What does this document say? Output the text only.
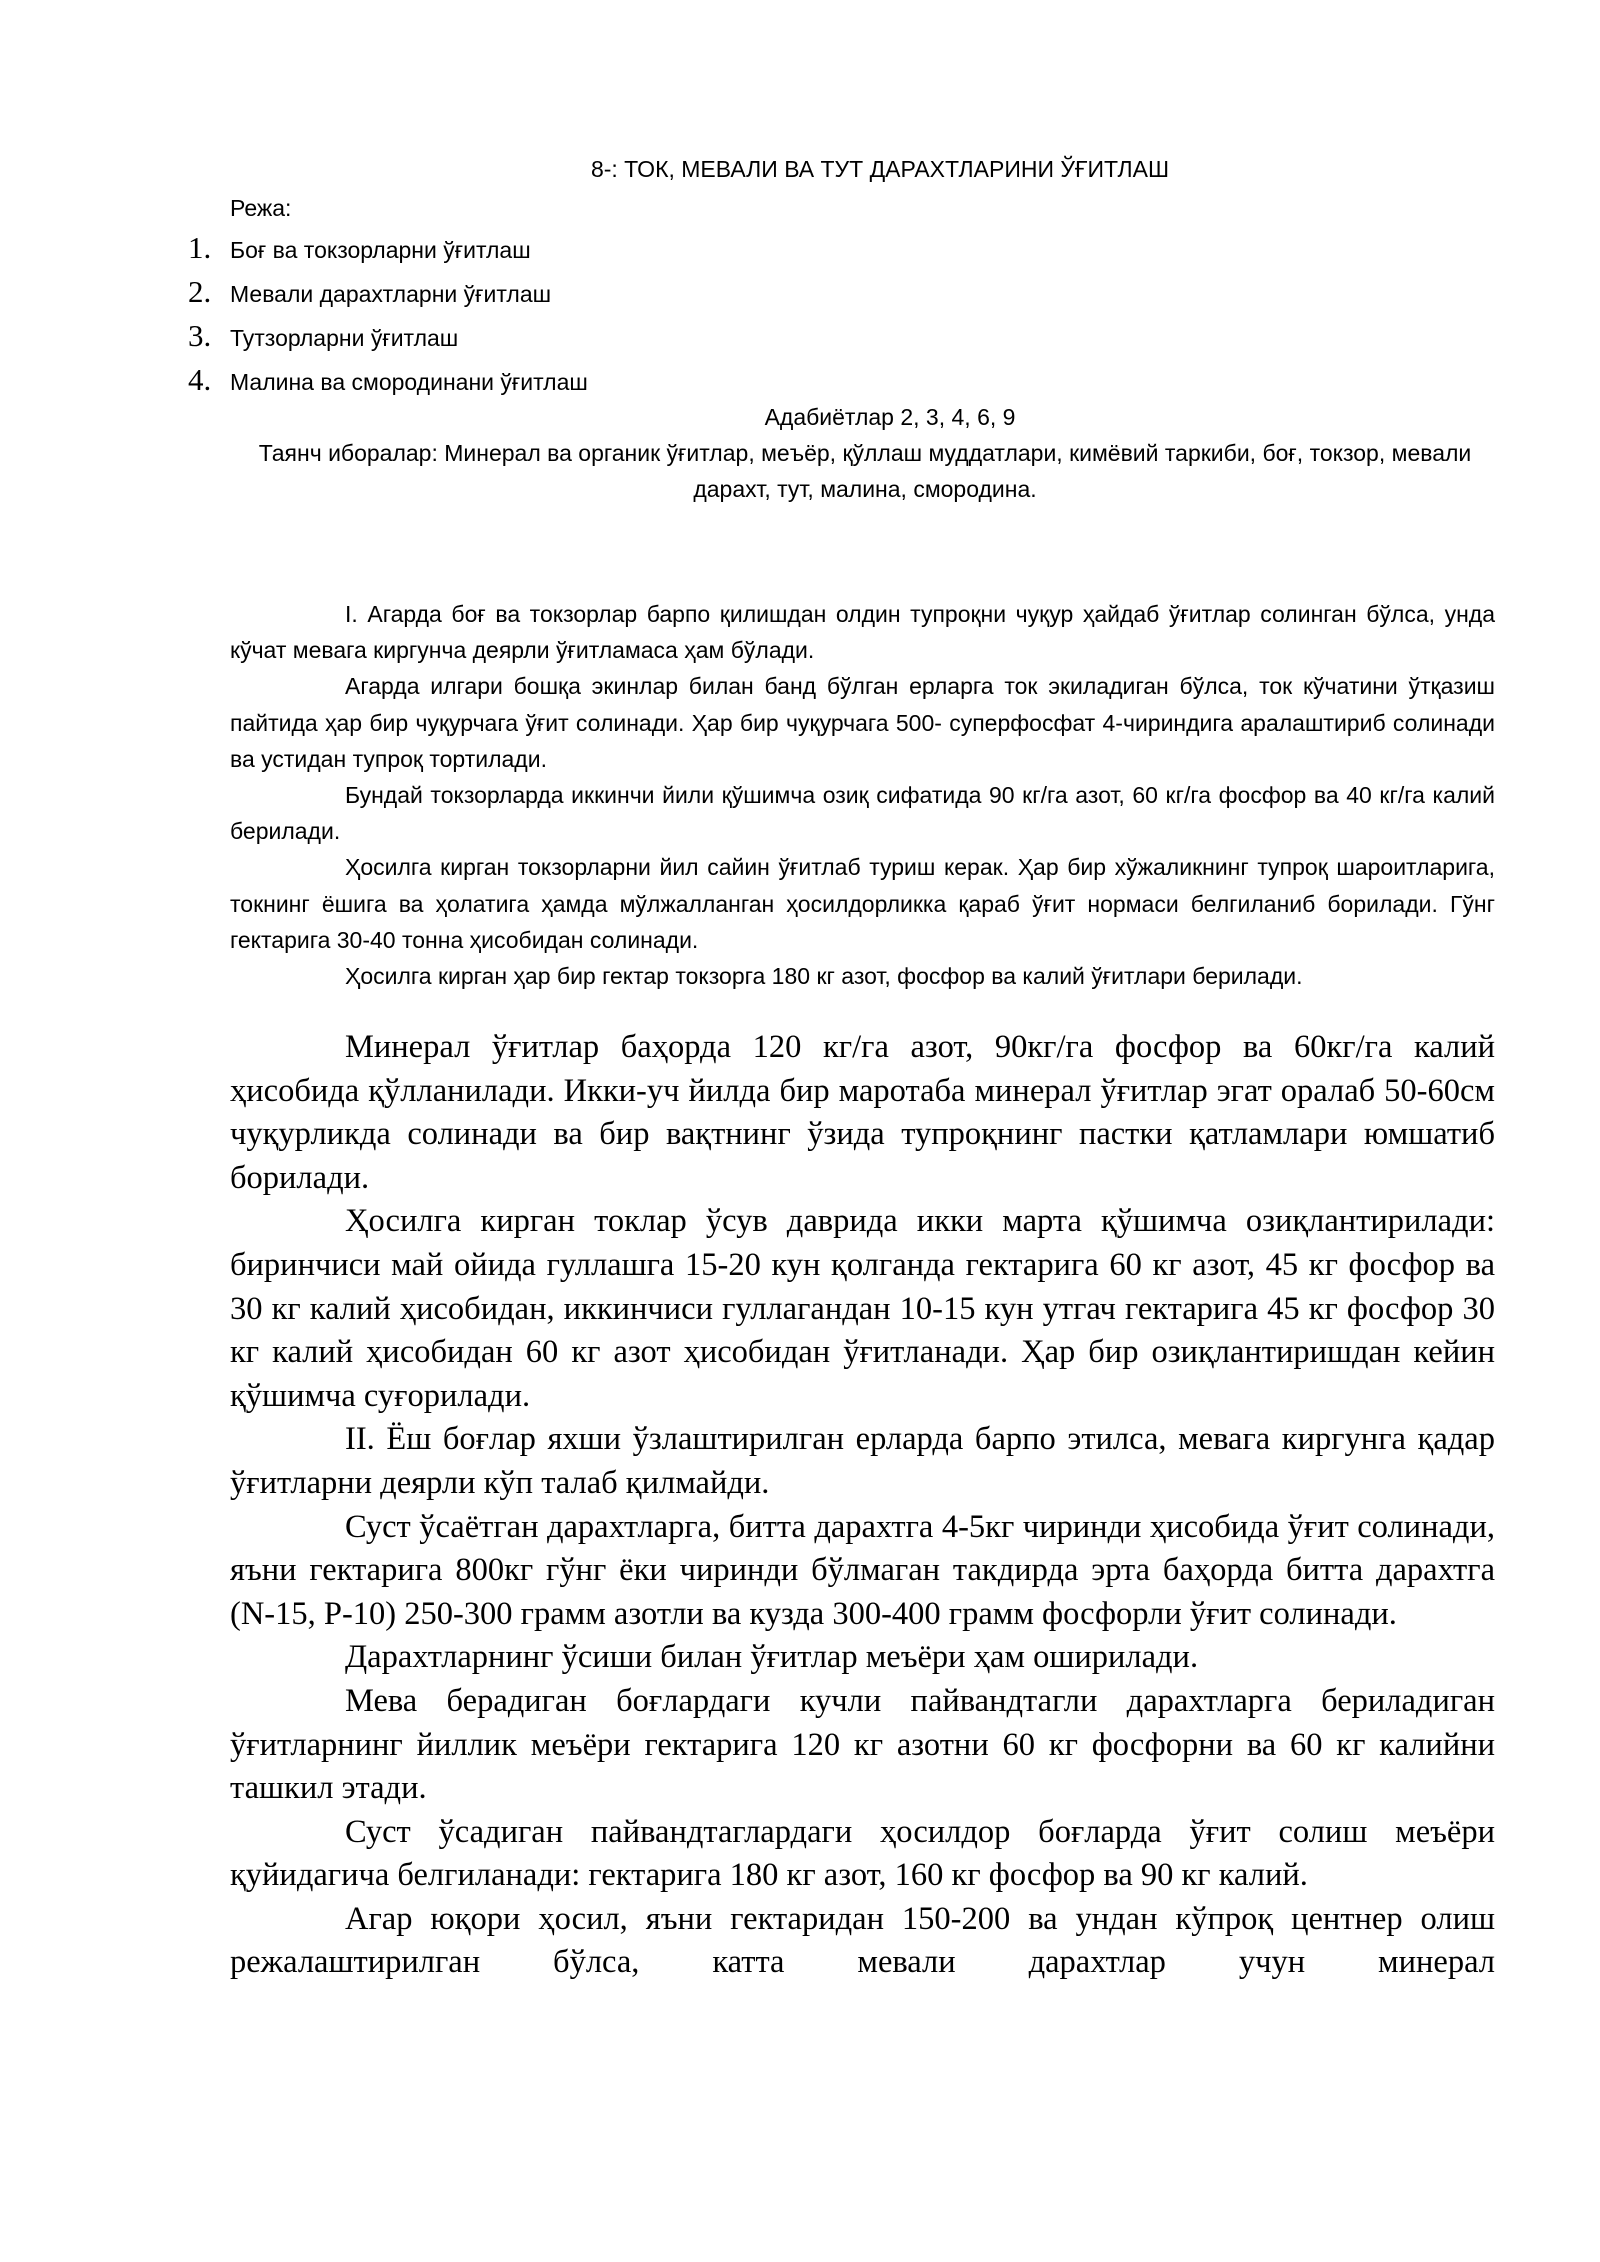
8-: ТОК, МЕВАЛИ ВА ТУТ ДАРАХТЛАРИНИ ЎҒИТЛАШ
Режа:
1. Боғ ва токзорларни ўғитлаш
2. Мевали дарахтларни ўғитлаш
3. Тутзорларни ўғитлаш
4. Малина ва смородинани ўғитлаш
Адабиётлар 2, 3, 4, 6, 9
Таянч иборалар: Минерал ва органик ўғитлар, меъёр, қўллаш муддатлари, кимёвий таркиби, боғ, токзор, мевали дарахт, тут, малина, смородина.

I. Агарда боғ ва токзорлар барпо қилишдан олдин тупроқни чуқур ҳайдаб ўғитлар солинган бўлса, унда кўчат мевага киргунча деярли ўғитламаса ҳам бўлади.

Агарда илгари бошқа экинлар билан банд бўлган ерларга ток экиладиган бўлса, ток кўчатини ўтқазиш пайтида ҳар бир чуқурчага ўғит солинади. Ҳар бир чуқурчага 500- суперфосфат 4-чириндига аралаштириб солинади ва устидан тупроқ тортилади.

Бундай токзорларда иккинчи йили қўшимча озиқ сифатида 90 кг/га азот, 60 кг/га фосфор ва 40 кг/га калий берилади.

Ҳосилга кирган токзорларни йил сайин ўғитлаб туриш керак. Ҳар бир хўжаликнинг тупроқ шароитларига, токнинг ёшига ва ҳолатига ҳамда мўлжалланган ҳосилдорликка қараб ўғит нормаси белгиланиб борилади. Гўнг гектарига 30-40 тонна ҳисобидан солинади.

Ҳосилга кирган ҳар бир гектар токзорга 180 кг азот, фосфор ва калий ўғитлари берилади.

Минерал ўғитлар баҳорда 120 кг/га азот, 90кг/га фосфор ва 60кг/га калий ҳисобида қўлланилади. Икки-уч йилда бир маротаба минерал ўғитлар эгат оралаб 50-60см чуқурликда солинади ва бир вақтнинг ўзида тупроқнинг пастки қатламлари юмшатиб борилади.

Ҳосилга кирган токлар ўсув даврида икки марта қўшимча озиқлантирилади: биринчиси май ойида гуллашга 15-20 кун қолганда гектарига 60 кг азот, 45 кг фосфор ва 30 кг калий ҳисобидан, иккинчиси гуллагандан 10-15 кун утгач гектарига 45 кг фосфор 30 кг калий ҳисобидан 60 кг азот ҳисобидан ўғитланади. Ҳар бир озиқлантиришдан кейин қўшимча суғорилади.

II. Ёш боғлар яхши ўзлаштирилган ерларда барпо этилса, мевага киргунга қадар ўғитларни деярли кўп талаб қилмайди.

Суст ўсаётган дарахтларга, битта дарахтга 4-5кг чиринди ҳисобида ўғит солинади, яъни гектарига 800кг гўнг ёки чиринди бўлмаган такдирда эрта баҳорда битта дарахтга (N-15, P-10) 250-300 грамм азотли ва кузда 300-400 грамм фосфорли ўғит солинади.

Дарахтларнинг ўсиши билан ўғитлар меъёри ҳам оширилади.

Мева берадиган боғлардаги кучли пайвандтагли дарахтларга бериладиган ўғитларнинг йиллик меъёри гектарига 120 кг азотни 60 кг фосфорни ва 60 кг калийни ташкил этади.

Суст ўсадиган пайвандтаглардаги ҳосилдор боғларда ўғит солиш меъёри қуйидагича белгиланади: гектарига 180 кг азот, 160 кг фосфор ва 90 кг калий.

Агар юқори ҳосил, яъни гектаридан 150-200 ва ундан кўпроқ центнер олиш режалаштирилган бўлса, катта мевали дарахтлар учун минерал
